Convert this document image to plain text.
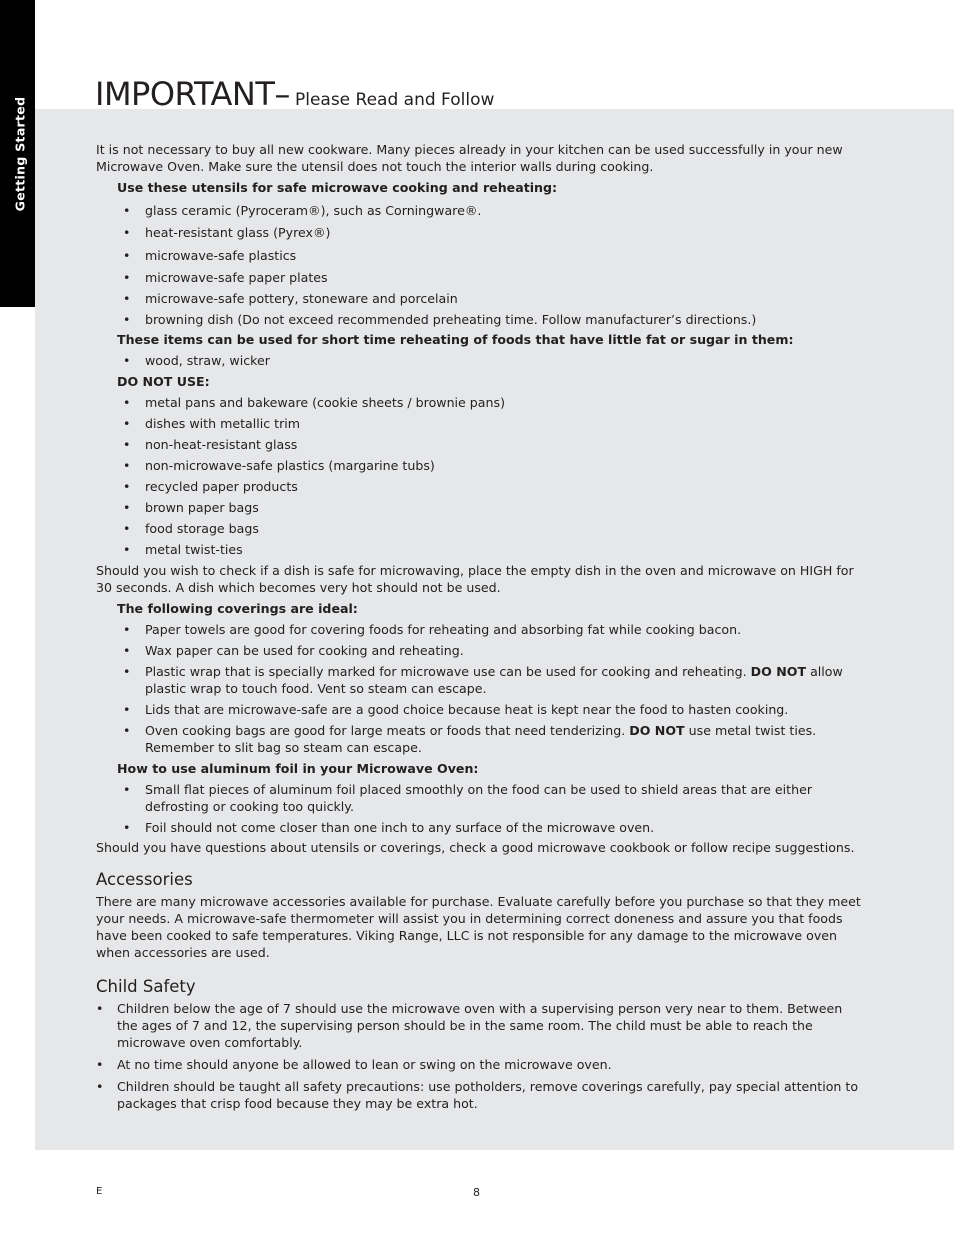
Getting Started
IMPORTANT– Please Read and Follow

It is not necessary to buy all new cookware. Many pieces already in your kitchen can be used successfully in your new Microwave Oven. Make sure the utensil does not touch the interior walls during cooking.

Use these utensils for safe microwave cooking and reheating:

• glass ceramic (Pyroceram®), such as Corningware®.
• heat-resistant glass (Pyrex®)
• microwave-safe plastics
• microwave-safe paper plates
• microwave-safe pottery, stoneware and porcelain
• browning dish (Do not exceed recommended preheating time. Follow manufacturer’s directions.)

These items can be used for short time reheating of foods that have little fat or sugar in them:

• wood, straw, wicker

DO NOT USE:

• metal pans and bakeware (cookie sheets / brownie pans)
• dishes with metallic trim
• non-heat-resistant glass
• non-microwave-safe plastics (margarine tubs)
• recycled paper products
• brown paper bags
• food storage bags
• metal twist-ties

Should you wish to check if a dish is safe for microwaving, place the empty dish in the oven and microwave on HIGH for 30 seconds. A dish which becomes very hot should not be used.

The following coverings are ideal:

• Paper towels are good for covering foods for reheating and absorbing fat while cooking bacon.
• Wax paper can be used for cooking and reheating.
• Plastic wrap that is specially marked for microwave use can be used for cooking and reheating. DO NOT allow plastic wrap to touch food. Vent so steam can escape.
• Lids that are microwave-safe are a good choice because heat is kept near the food to hasten cooking.
• Oven cooking bags are good for large meats or foods that need tenderizing. DO NOT use metal twist ties. Remember to slit bag so steam can escape.

How to use aluminum foil in your Microwave Oven:

• Small flat pieces of aluminum foil placed smoothly on the food can be used to shield areas that are either defrosting or cooking too quickly.
• Foil should not come closer than one inch to any surface of the microwave oven.

Should you have questions about utensils or coverings, check a good microwave cookbook or follow recipe suggestions.

Accessories

There are many microwave accessories available for purchase. Evaluate carefully before you purchase so that they meet your needs. A microwave-safe thermometer will assist you in determining correct doneness and assure you that foods have been cooked to safe temperatures. Viking Range, LLC is not responsible for any damage to the microwave oven when accessories are used.

Child Safety
• Children below the age of 7 should use the microwave oven with a supervising person very near to them. Between the ages of 7 and 12, the supervising person should be in the same room. The child must be able to reach the microwave oven comfortably.
• At no time should anyone be allowed to lean or swing on the microwave oven.
• Children should be taught all safety precautions: use potholders, remove coverings carefully, pay special attention to packages that crisp food because they may be extra hot.
E	8
